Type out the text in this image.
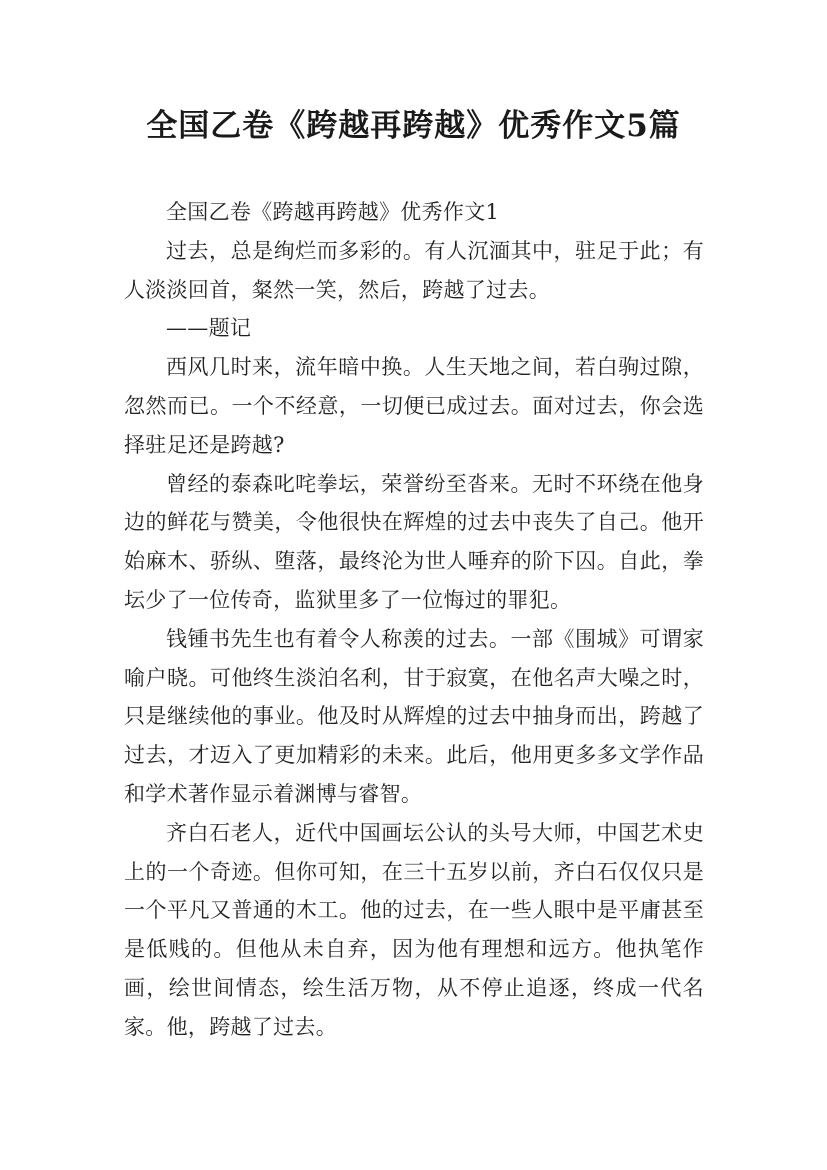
全国乙卷《跨越再跨越》优秀作文5篇

全国乙卷《跨越再跨越》优秀作文1

过去，总是绚烂而多彩的。有人沉湎其中，驻足于此；有人淡淡回首，粲然一笑，然后，跨越了过去。

——题记

西风几时来，流年暗中换。人生天地之间，若白驹过隙，忽然而已。一个不经意，一切便已成过去。面对过去，你会选择驻足还是跨越?

曾经的泰森叱咤拳坛，荣誉纷至沓来。无时不环绕在他身边的鲜花与赞美，令他很快在辉煌的过去中丧失了自己。他开始麻木、骄纵、堕落，最终沦为世人唾弃的阶下囚。自此，拳坛少了一位传奇，监狱里多了一位悔过的罪犯。

钱锺书先生也有着令人称羡的过去。一部《围城》可谓家喻户晓。可他终生淡泊名利，甘于寂寞，在他名声大噪之时，只是继续他的事业。他及时从辉煌的过去中抽身而出，跨越了过去，才迈入了更加精彩的未来。此后，他用更多多文学作品和学术著作显示着渊博与睿智。

齐白石老人，近代中国画坛公认的头号大师，中国艺术史上的一个奇迹。但你可知，在三十五岁以前，齐白石仅仅只是一个平凡又普通的木工。他的过去，在一些人眼中是平庸甚至是低贱的。但他从未自弃，因为他有理想和远方。他执笔作画，绘世间情态，绘生活万物，从不停止追逐，终成一代名家。他，跨越了过去。
